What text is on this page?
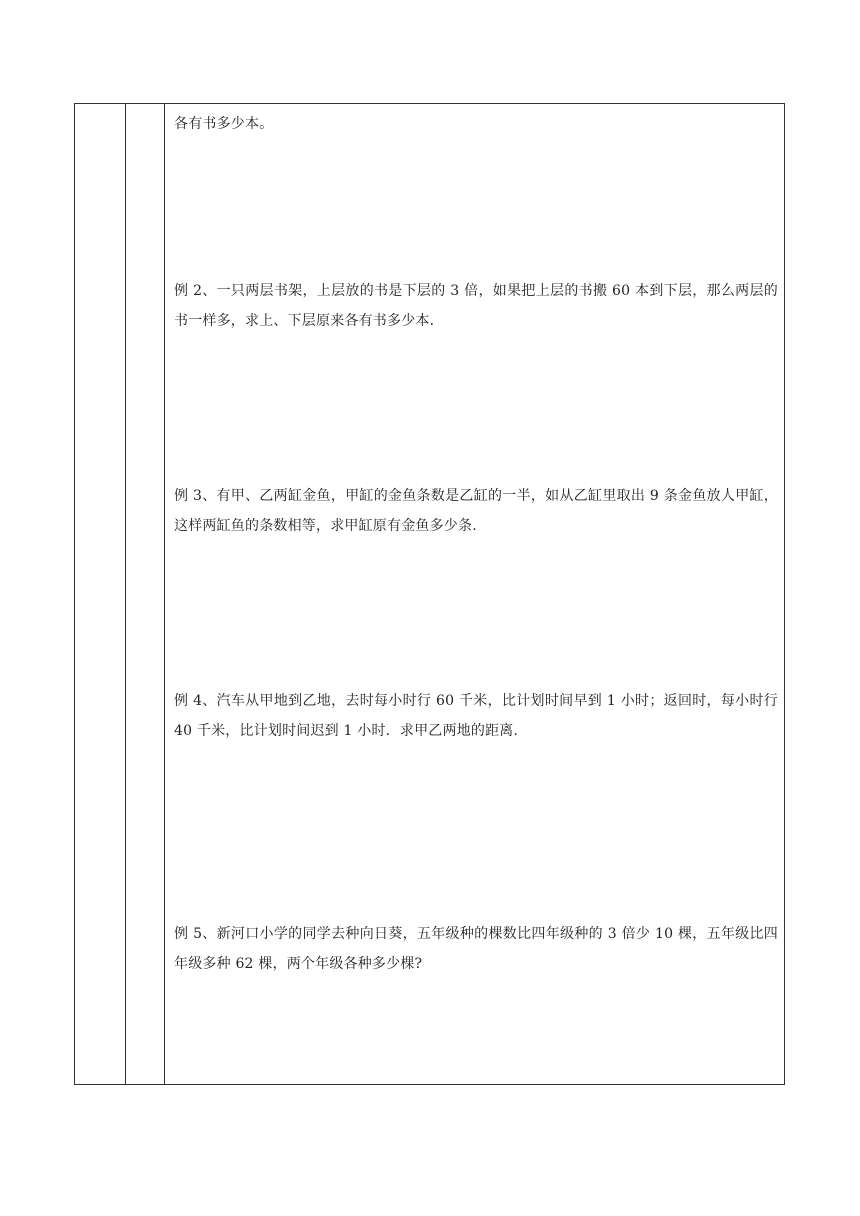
各有书多少本。

例 2、一只两层书架，上层放的书是下层的 3 倍，如果把上层的书搬 60 本到下层，那么两层的书一样多，求上、下层原来各有书多少本.

例 3、有甲、乙两缸金鱼，甲缸的金鱼条数是乙缸的一半，如从乙缸里取出 9 条金鱼放人甲缸，这样两缸鱼的条数相等，求甲缸原有金鱼多少条.

例 4、汽车从甲地到乙地，去时每小时行 60 千米，比计划时间早到 1 小时；返回时，每小时行 40 千米，比计划时间迟到 1 小时．求甲乙两地的距离.

例 5、新河口小学的同学去种向日葵，五年级种的棵数比四年级种的 3 倍少 10 棵，五年级比四年级多种 62 棵，两个年级各种多少棵?
